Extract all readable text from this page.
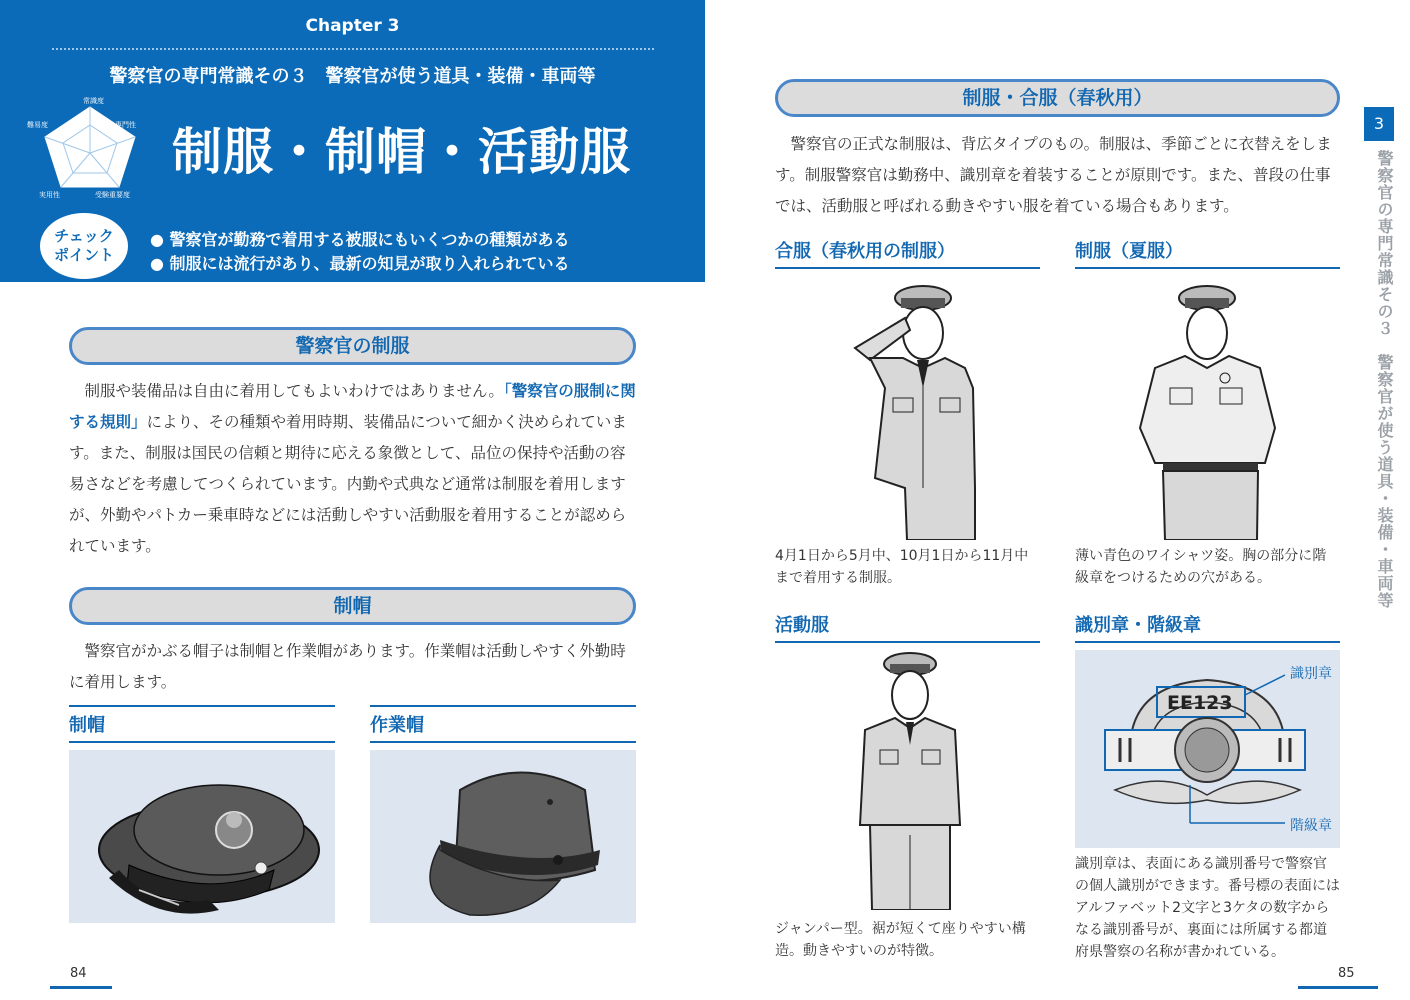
Chapter 3
警察官の専門常識その３　警察官が使う道具・装備・車両等
常識度
専門性
受験重要度
実用性
難易度 制服・制帽・活動服
チェック
ポイント
● 警察官が勤務で着用する被服にもいくつかの種類がある
● 制服には流行があり、最新の知見が取り入れられている
警察官の制服

制服や装備品は自由に着用してもよいわけではありません。「警察官の服制に関する規則」により、その種類や着用時期、装備品について細かく決められています。また、制服は国民の信頼と期待に応える象徴として、品位の保持や活動の容易さなどを考慮してつくられています。内勤や式典など通常は制服を着用しますが、外勤やパトカー乗車時などには活動しやすい活動服を着用することが認められています。

制帽

警察官がかぶる帽子は制帽と作業帽があります。作業帽は活動しやすく外勤時に着用します。

制帽	作業帽
84
制服・合服（春秋用）

警察官の正式な制服は、背広タイプのもの。制服は、季節ごとに衣替えをします。制服警察官は勤務中、識別章を着装することが原則です。また、普段の仕事では、活動服と呼ばれる動きやすい服を着ている場合もあります。

合服（春秋用の制服）	制服（夏服）
4月1日から5月中、10月1日から11月中まで着用する制服。
薄い青色のワイシャツ姿。胸の部分に階級章をつけるための穴がある。
活動服	識別章・階級章
EE123
識別章
階級章
ジャンパー型。裾が短くて座りやすい構造。動きやすいのが特徴。
識別章は、表面にある識別番号で警察官の個人識別ができます。番号標の表面にはアルファベット2文字と3ケタの数字からなる識別番号が、裏面には所属する都道府県警察の名称が書かれている。
3
警察官の専門常識その３　警察官が使う道具・装備・車両等
85
